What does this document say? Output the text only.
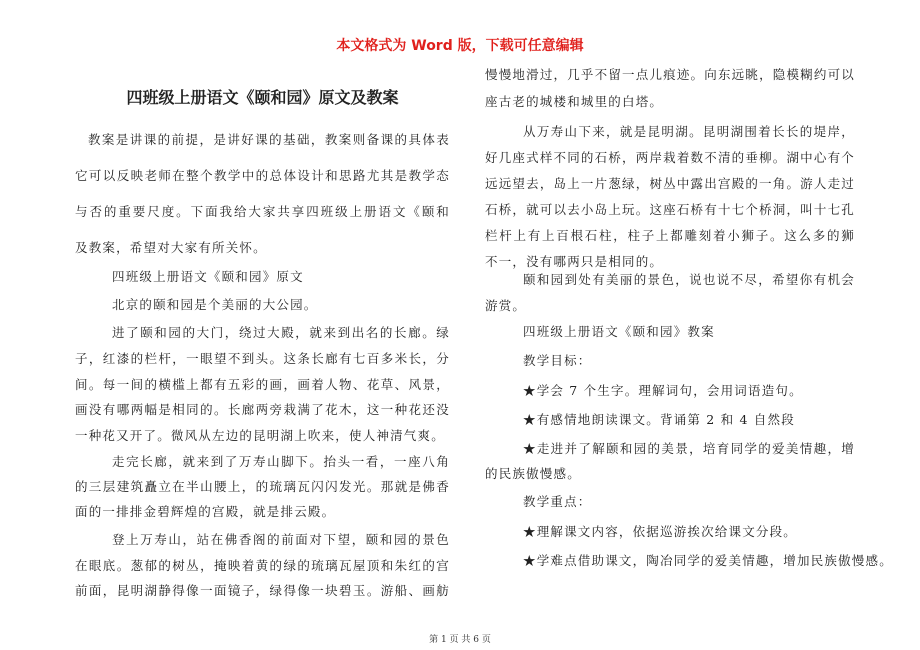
本文格式为 Word 版，下载可任意编辑
四班级上册语文《颐和园》原文及教案
教案是讲课的前提，是讲好课的基础，教案则备课的具体表
它可以反映老师在整个教学中的总体设计和思路尤其是教学态
与否的重要尺度。下面我给大家共享四班级上册语文《颐和
及教案，希望对大家有所关怀。
四班级上册语文《颐和园》原文
北京的颐和园是个美丽的大公园。
进了颐和园的大门，绕过大殿，就来到出名的长廊。绿
子，红漆的栏杆，一眼望不到头。这条长廊有七百多米长，分
间。每一间的横槛上都有五彩的画，画着人物、花草、风景，
画没有哪两幅是相同的。长廊两旁栽满了花木，这一种花还没
一种花又开了。微风从左边的昆明湖上吹来，使人神清气爽。
走完长廊，就来到了万寿山脚下。抬头一看，一座八角
的三层建筑矗立在半山腰上，的琉璃瓦闪闪发光。那就是佛香
面的一排排金碧辉煌的宫殿，就是排云殿。
登上万寿山，站在佛香阁的前面对下望，颐和园的景色
在眼底。葱郁的树丛，掩映着黄的绿的琉璃瓦屋顶和朱红的宫
前面，昆明湖静得像一面镜子，绿得像一块碧玉。游船、画舫
慢慢地滑过，几乎不留一点儿痕迹。向东远眺，隐模糊约可以
座古老的城楼和城里的白塔。
从万寿山下来，就是昆明湖。昆明湖围着长长的堤岸，
好几座式样不同的石桥，两岸栽着数不清的垂柳。湖中心有个
远远望去，岛上一片葱绿，树丛中露出宫殿的一角。游人走过
石桥，就可以去小岛上玩。这座石桥有十七个桥洞，叫十七孔
栏杆上有上百根石柱，柱子上都雕刻着小狮子。这么多的狮
不一，没有哪两只是相同的。
颐和园到处有美丽的景色，说也说不尽，希望你有机会
游赏。
四班级上册语文《颐和园》教案
教学目标：
★学会 7 个生字。理解词句，会用词语造句。
★有感情地朗读课文。背诵第 2 和 4 自然段
★走进并了解颐和园的美景，培育同学的爱美情趣，增
的民族傲慢感。
教学重点：
★理解课文内容，依据巡游挨次给课文分段。
★学难点借助课文，陶冶同学的爱美情趣，增加民族傲慢感。
第 1 页 共 6 页
